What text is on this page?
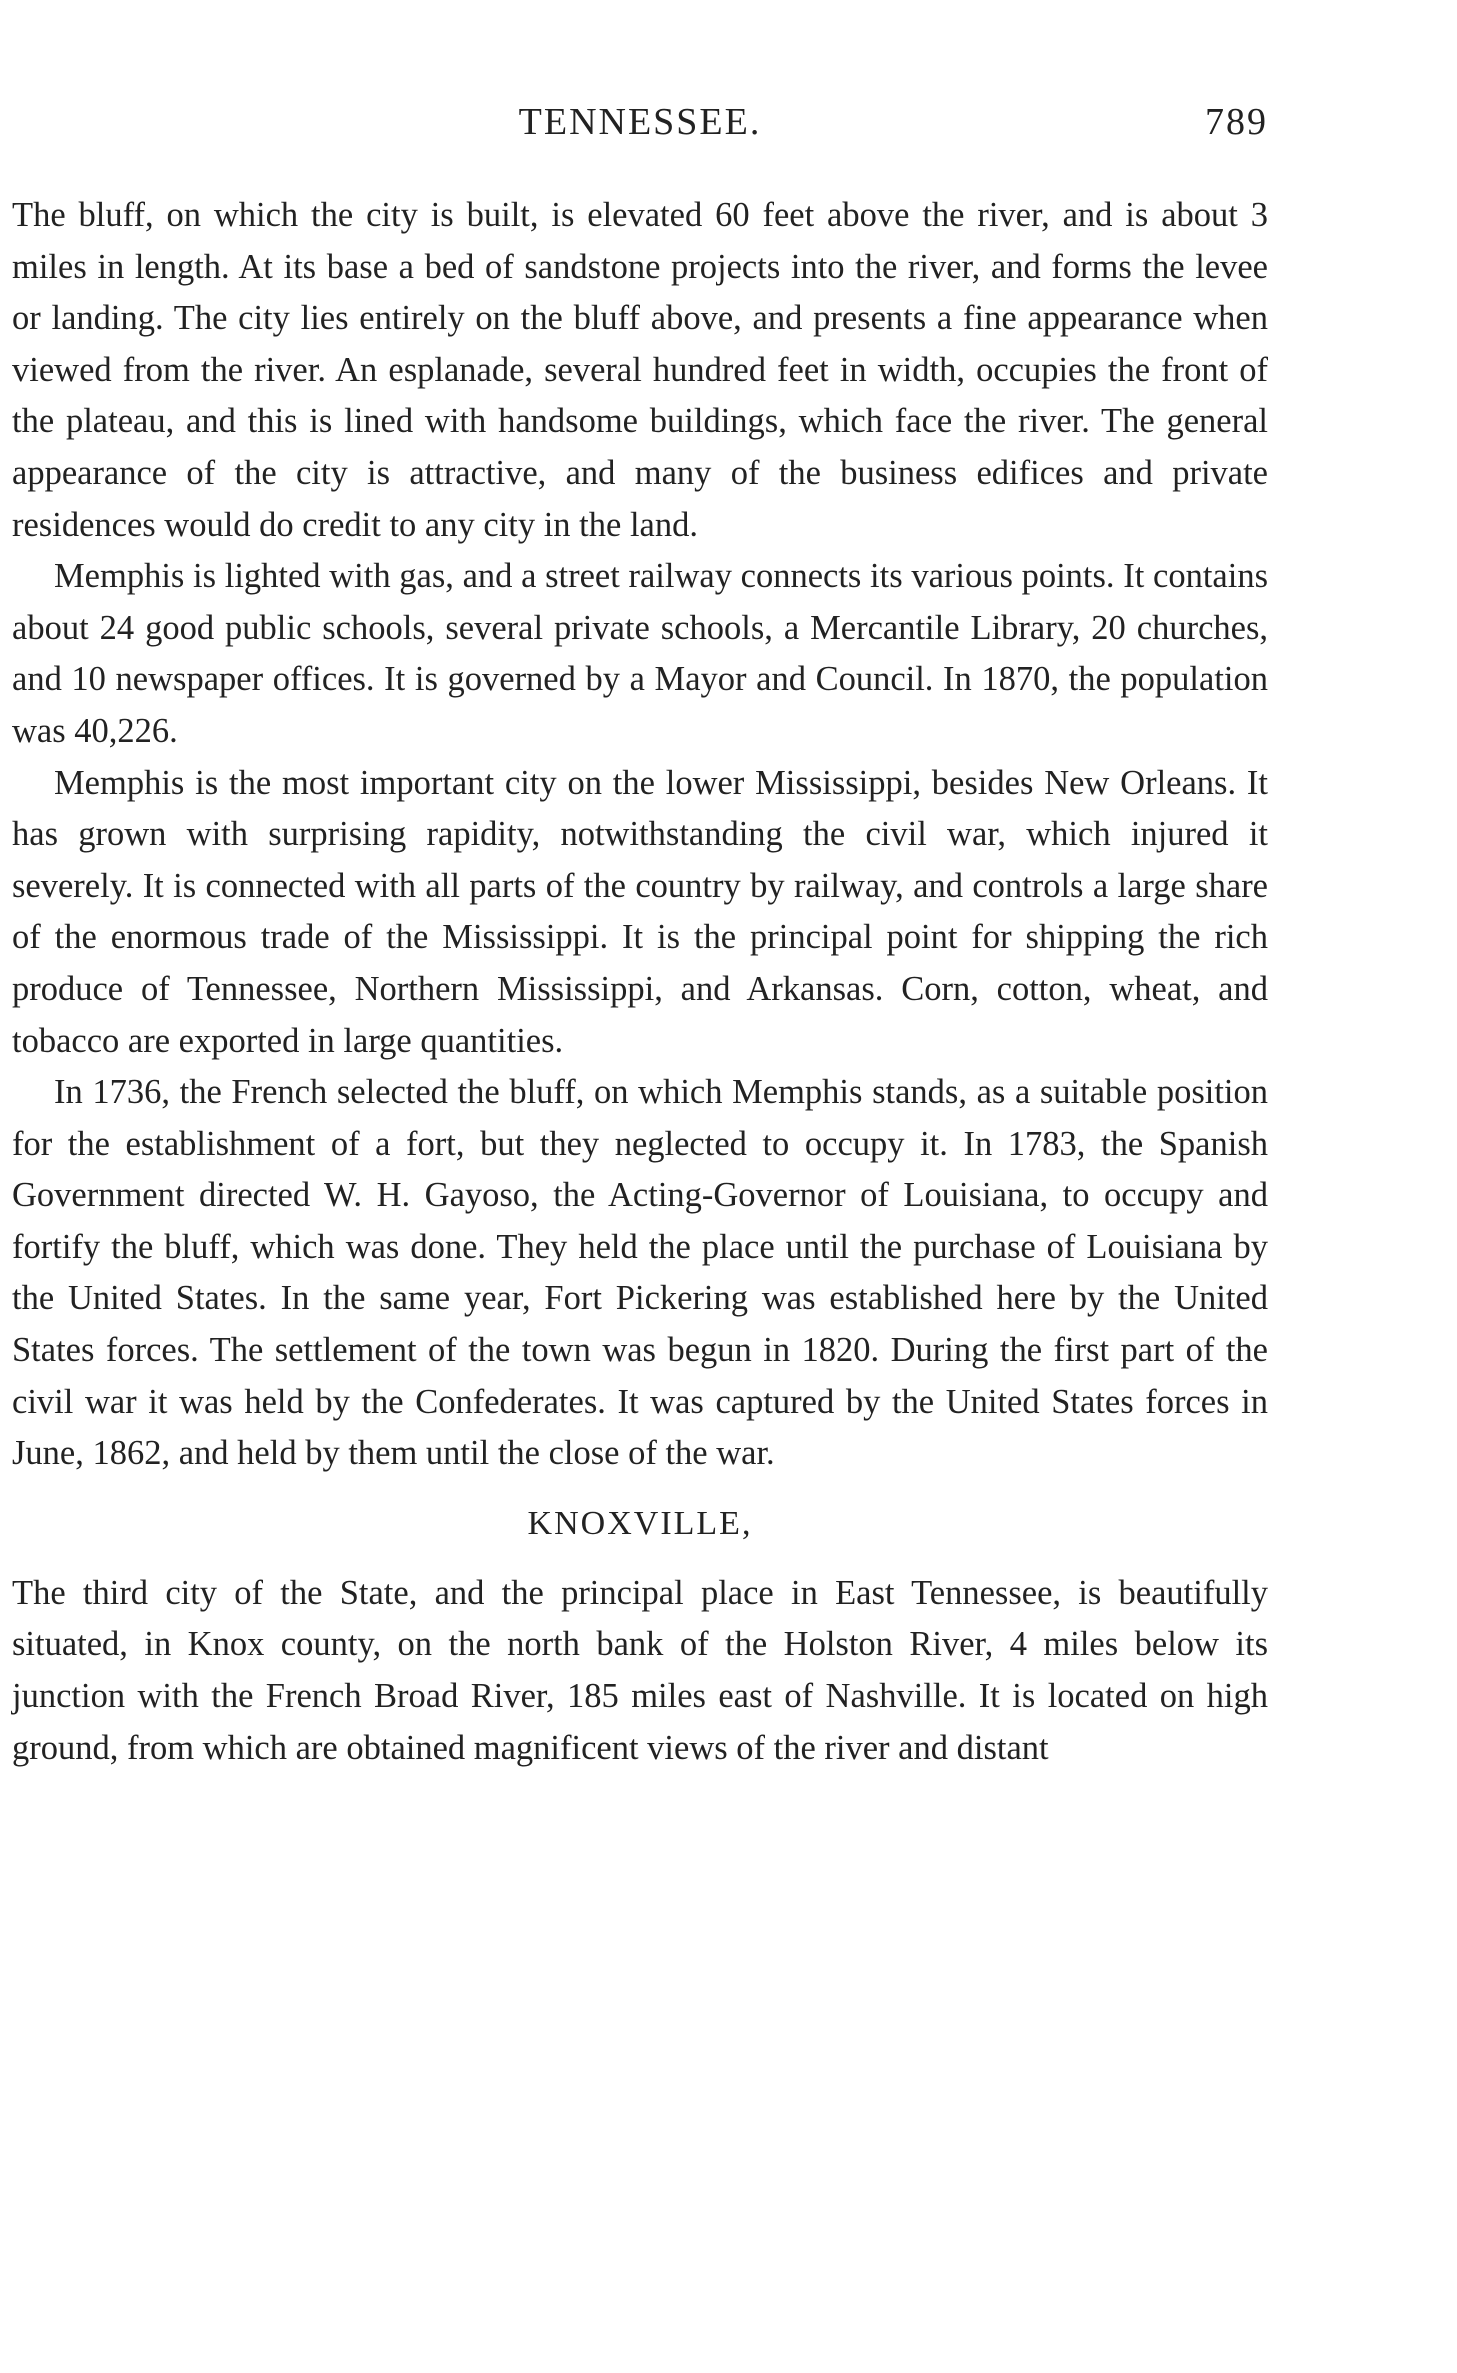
TENNESSEE.	789

The bluff, on which the city is built, is elevated 60 feet above the river, and is about 3 miles in length. At its base a bed of sandstone projects into the river, and forms the levee or landing. The city lies entirely on the bluff above, and presents a fine appearance when viewed from the river. An esplanade, several hundred feet in width, occupies the front of the plateau, and this is lined with handsome buildings, which face the river. The general appearance of the city is attractive, and many of the business edifices and private residences would do credit to any city in the land.

Memphis is lighted with gas, and a street railway connects its various points. It contains about 24 good public schools, several private schools, a Mercantile Library, 20 churches, and 10 newspaper offices. It is governed by a Mayor and Council. In 1870, the population was 40,226.

Memphis is the most important city on the lower Mississippi, besides New Orleans. It has grown with surprising rapidity, notwithstanding the civil war, which injured it severely. It is connected with all parts of the country by railway, and controls a large share of the enormous trade of the Mississippi. It is the principal point for shipping the rich produce of Tennessee, Northern Mississippi, and Arkansas. Corn, cotton, wheat, and tobacco are exported in large quantities.

In 1736, the French selected the bluff, on which Memphis stands, as a suitable position for the establishment of a fort, but they neglected to occupy it. In 1783, the Spanish Government directed W. H. Gayoso, the Acting-Governor of Louisiana, to occupy and fortify the bluff, which was done. They held the place until the purchase of Louisiana by the United States. In the same year, Fort Pickering was established here by the United States forces. The settlement of the town was begun in 1820. During the first part of the civil war it was held by the Confederates. It was captured by the United States forces in June, 1862, and held by them until the close of the war.

KNOXVILLE,

The third city of the State, and the principal place in East Tennessee, is beautifully situated, in Knox county, on the north bank of the Holston River, 4 miles below its junction with the French Broad River, 185 miles east of Nashville. It is located on high ground, from which are obtained magnificent views of the river and distant
